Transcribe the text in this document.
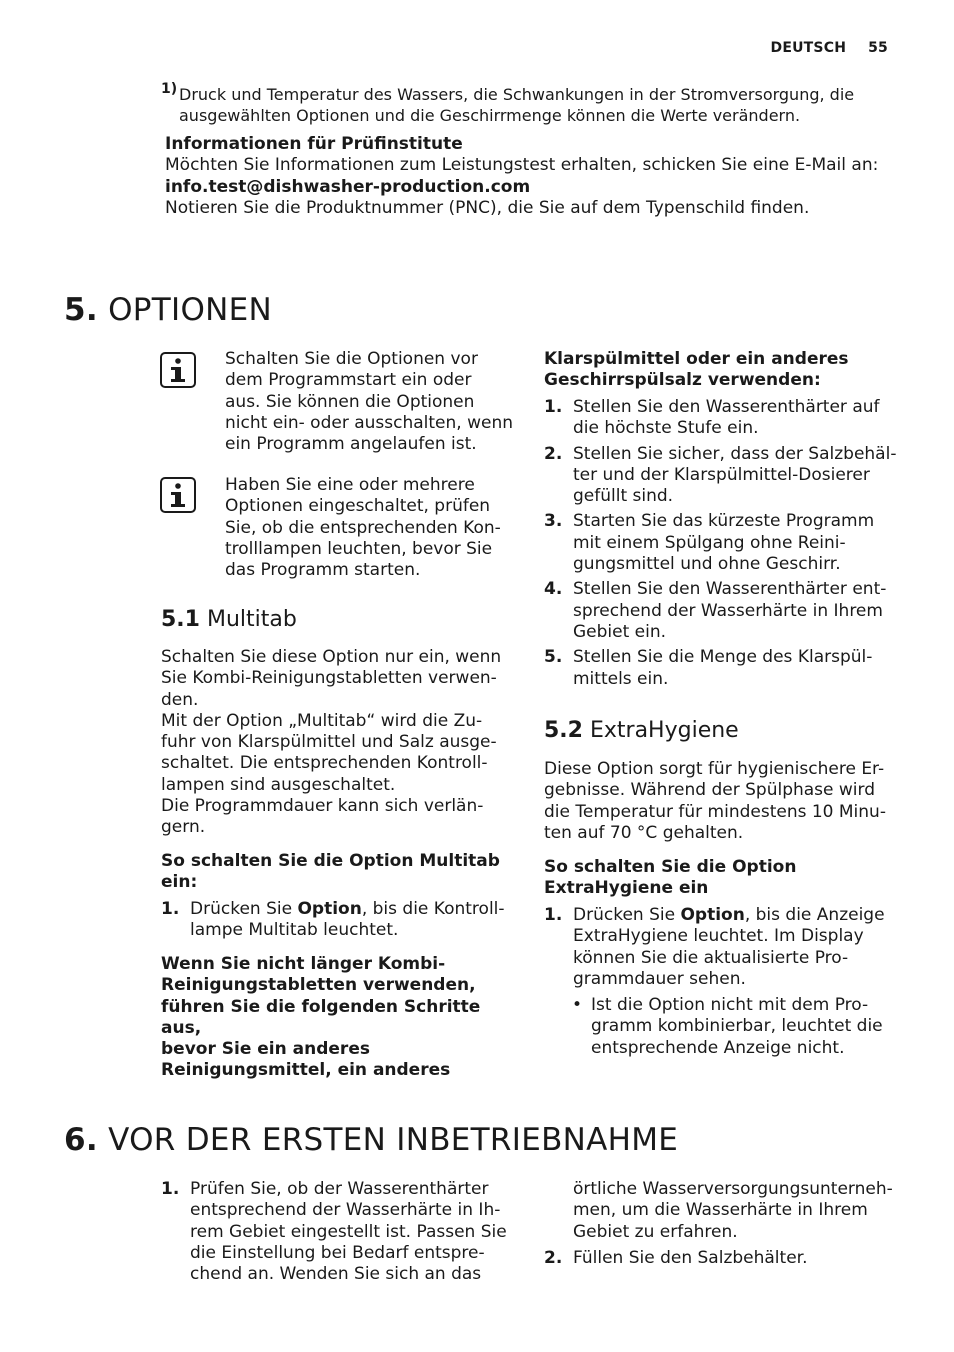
DEUTSCH 55
1) Druck und Temperatur des Wassers, die Schwankungen in der Stromversorgung, die

ausgewählten Optionen und die Geschirrmenge können die Werte verändern.

Informationen für Prüfinstitute

Möchten Sie Informationen zum Leistungstest erhalten, schicken Sie eine E-Mail an:

info.test@dishwasher-production.com

Notieren Sie die Produktnummer (PNC), die Sie auf dem Typenschild finden.

5. OPTIONEN

Schalten Sie die Optionen vor

dem Programmstart ein oder

aus. Sie können die Optionen

nicht ein- oder ausschalten, wenn

ein Programm angelaufen ist.

Haben Sie eine oder mehrere

Optionen eingeschaltet, prüfen

Sie, ob die entsprechenden Kon-

trolllampen leuchten, bevor Sie

das Programm starten.

5.1 Multitab

Schalten Sie diese Option nur ein, wenn

Sie Kombi-Reinigungstabletten verwen-

den.

Mit der Option „Multitab“ wird die Zu-

fuhr von Klarspülmittel und Salz ausge-

schaltet. Die entsprechenden Kontroll-

lampen sind ausgeschaltet.

Die Programmdauer kann sich verlän-

gern.

So schalten Sie die Option Multitab

ein:

1. Drücken Sie Option, bis die Kontroll-

lampe Multitab leuchtet.

Wenn Sie nicht länger Kombi-

Reinigungstabletten verwenden,

führen Sie die folgenden Schritte aus,

bevor Sie ein anderes

Reinigungsmittel, ein anderes

Klarspülmittel oder ein anderes

Geschirrspülsalz verwenden:

1. Stellen Sie den Wasserenthärter auf

die höchste Stufe ein.

2. Stellen Sie sicher, dass der Salzbehäl-

ter und der Klarspülmittel-Dosierer

gefüllt sind.

3. Starten Sie das kürzeste Programm

mit einem Spülgang ohne Reini-

gungsmittel und ohne Geschirr.

4. Stellen Sie den Wasserenthärter ent-

sprechend der Wasserhärte in Ihrem

Gebiet ein.

5. Stellen Sie die Menge des Klarspül-

mittels ein.

5.2 ExtraHygiene

Diese Option sorgt für hygienischere Er-

gebnisse. Während der Spülphase wird

die Temperatur für mindestens 10 Minu-

ten auf 70 °C gehalten.

So schalten Sie die Option

ExtraHygiene ein

1. Drücken Sie Option, bis die Anzeige

ExtraHygiene leuchtet. Im Display

können Sie die aktualisierte Pro-

grammdauer sehen.

• Ist die Option nicht mit dem Pro-

gramm kombinierbar, leuchtet die

entsprechende Anzeige nicht.

6. VOR DER ERSTEN INBETRIEBNAHME
1. Prüfen Sie, ob der Wasserenthärter

entsprechend der Wasserhärte in Ih-

rem Gebiet eingestellt ist. Passen Sie

die Einstellung bei Bedarf entspre-

chend an. Wenden Sie sich an das

örtliche Wasserversorgungsunterneh-

men, um die Wasserhärte in Ihrem

Gebiet zu erfahren.

2. Füllen Sie den Salzbehälter.
